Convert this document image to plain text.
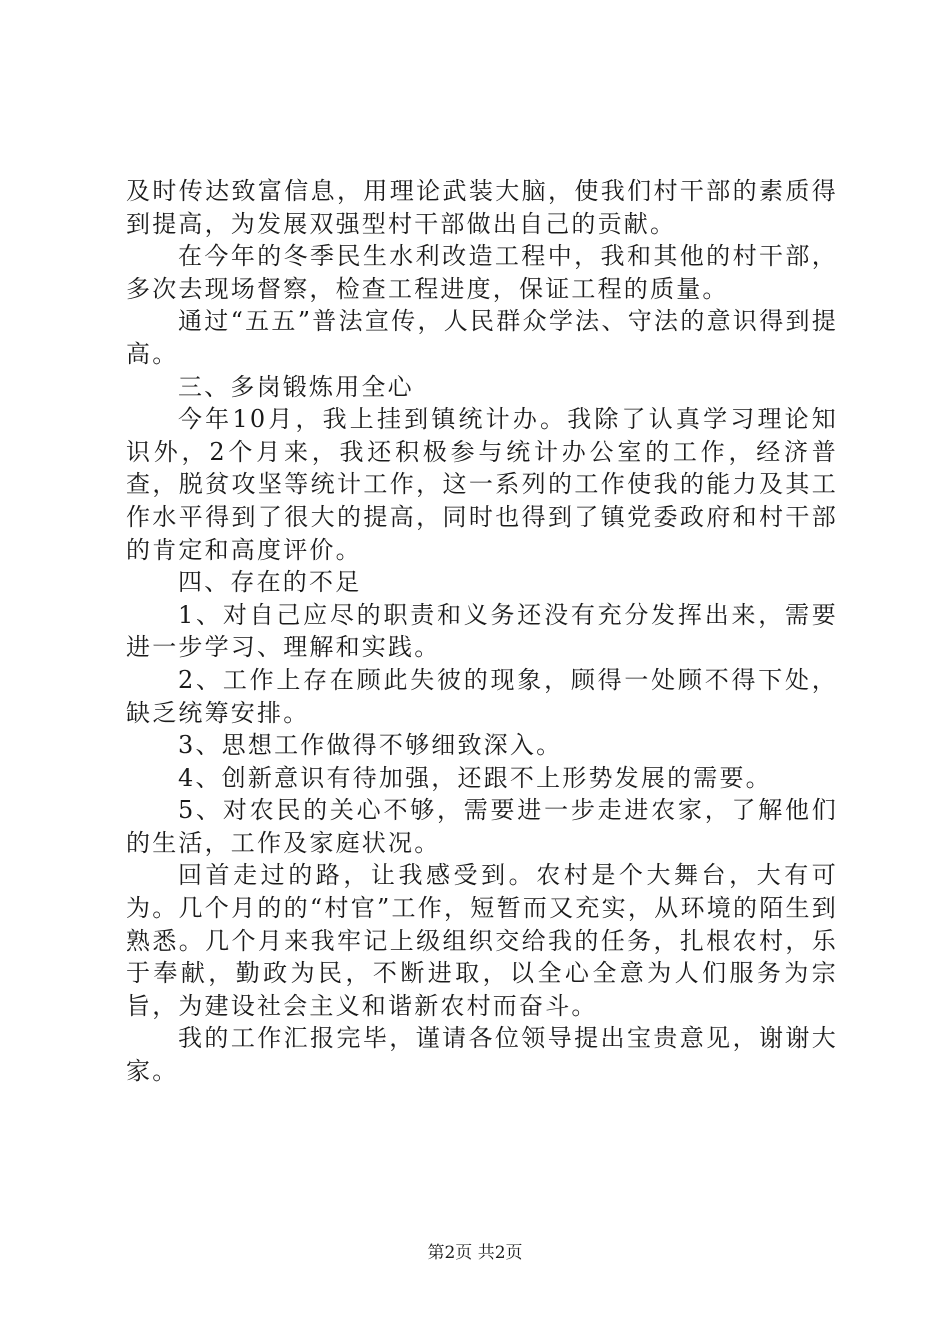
及时传达致富信息，用理论武装大脑，使我们村干部的素质得到提高，为发展双强型村干部做出自己的贡献。

在今年的冬季民生水利改造工程中，我和其他的村干部，多次去现场督察，检查工程进度，保证工程的质量。

通过“五五”普法宣传，人民群众学法、守法的意识得到提高。

三、多岗锻炼用全心

今年10月，我上挂到镇统计办。我除了认真学习理论知识外，2个月来，我还积极参与统计办公室的工作，经济普查，脱贫攻坚等统计工作，这一系列的工作使我的能力及其工作水平得到了很大的提高，同时也得到了镇党委政府和村干部的肯定和高度评价。

四、存在的不足

1、对自己应尽的职责和义务还没有充分发挥出来，需要进一步学习、理解和实践。

2、工作上存在顾此失彼的现象，顾得一处顾不得下处，缺乏统筹安排。

3、思想工作做得不够细致深入。

4、创新意识有待加强，还跟不上形势发展的需要。

5、对农民的关心不够，需要进一步走进农家，了解他们的生活，工作及家庭状况。

回首走过的路，让我感受到。农村是个大舞台，大有可为。几个月的的“村官”工作，短暂而又充实，从环境的陌生到熟悉。几个月来我牢记上级组织交给我的任务，扎根农村，乐于奉献，勤政为民，不断进取，以全心全意为人们服务为宗旨，为建设社会主义和谐新农村而奋斗。

我的工作汇报完毕，谨请各位领导提出宝贵意见，谢谢大家。

第2页 共2页
